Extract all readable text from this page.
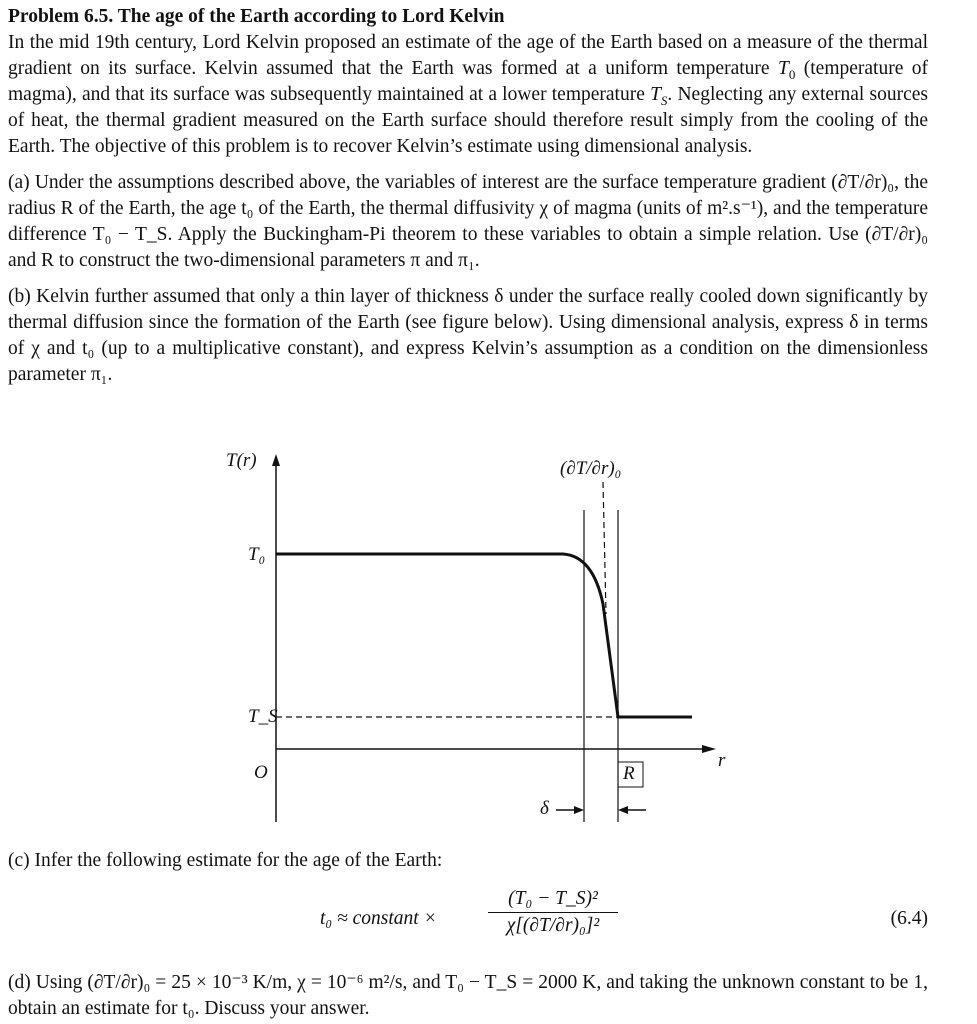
Problem 6.5. The age of the Earth according to Lord Kelvin

In the mid 19th century, Lord Kelvin proposed an estimate of the age of the Earth based on a measure of the thermal gradient on its surface. Kelvin assumed that the Earth was formed at a uniform temperature $T_0$ (temperature of magma), and that its surface was subsequently maintained at a lower temperature $T_S$. Neglecting any external sources of heat, the thermal gradient measured on the Earth surface should therefore result simply from the cooling of the Earth. The objective of this problem is to recover Kelvin’s estimate using dimensional analysis.

(a) Under the assumptions described above, the variables of interest are the surface temperature gradient (∂T/∂r)₀, the radius R of the Earth, the age t₀ of the Earth, the thermal diffusivity χ of magma (units of m².s⁻¹), and the temperature difference T₀ − T_S. Apply the Buckingham-Pi theorem to these variables to obtain a simple relation. Use (∂T/∂r)₀ and R to construct the two-dimensional parameters π and π₁.

(b) Kelvin further assumed that only a thin layer of thickness δ under the surface really cooled down significantly by thermal diffusion since the formation of the Earth (see figure below). Using dimensional analysis, express δ in terms of χ and t₀ (up to a multiplicative constant), and express Kelvin’s assumption as a condition on the dimensionless parameter π₁.

T(r)	(∂T/∂r)₀
T₀
T_S
O
r
R
δ

(c) Infer the following estimate for the age of the Earth:

t₀ ≈ constant ×	$\frac{\text{(T₀ − T\_S)²}}{\text{χ[(∂T/∂r)₀]²}}$	(6.4)

(d) Using (∂T/∂r)₀ = 25 × 10⁻³ K/m, χ = 10⁻⁶ m²/s, and T₀ − T_S = 2000 K, and taking the unknown constant to be 1, obtain an estimate for t₀. Discuss your answer.
